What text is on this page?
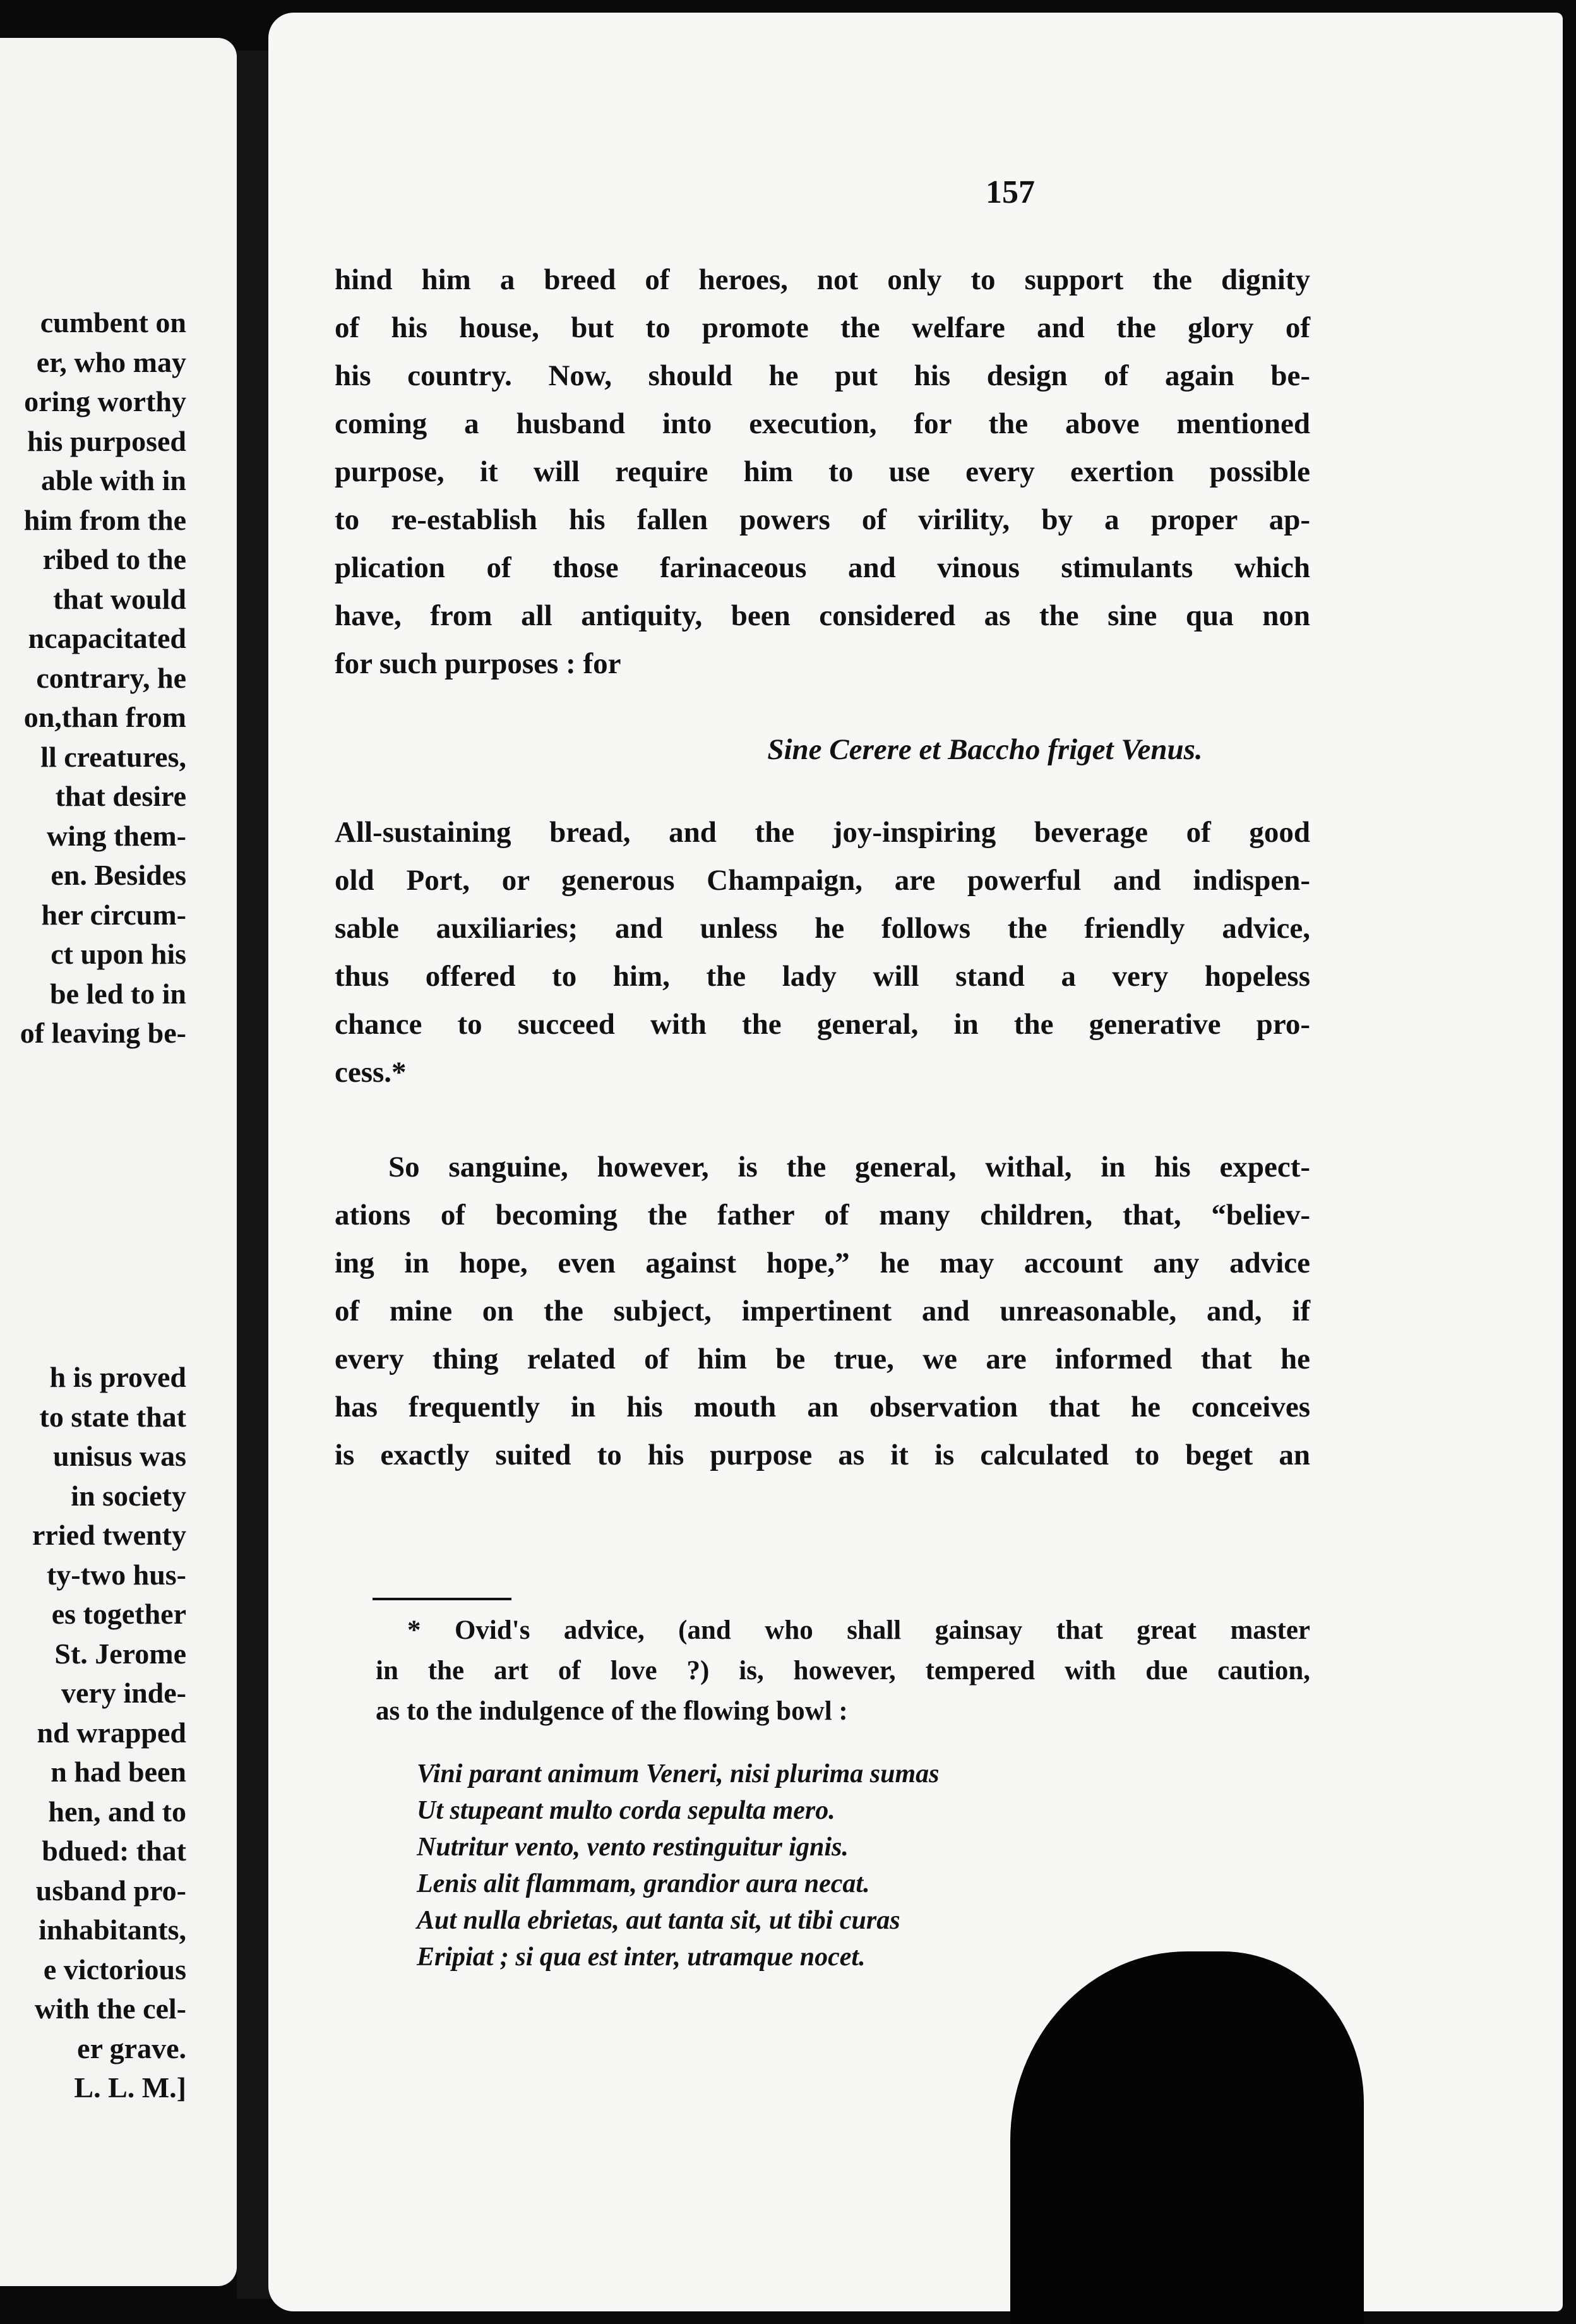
cumbent on
er, who may
oring worthy
his purposed
able with in
him from the
ribed to the
that would
ncapacitated
contrary, he
on,than from
ll creatures,
that desire
wing them-
en. Besides
her circum-
ct upon his
be led to in
of leaving be-
h is proved
to state that
unisus was
in society
rried twenty
ty-two hus-
es together
St. Jerome
very inde-
nd wrapped
n had been
hen, and to
bdued: that
usband pro-
inhabitants,
e victorious
with the cel-
er grave.
L. L. M.]
157
hind him a breed of heroes, not only to support the dignity
of his house, but to promote the welfare and the glory of
his country. Now, should he put his design of again be-
coming a husband into execution, for the above mentioned
purpose, it will require him to use every exertion possible
to re-establish his fallen powers of virility, by a proper ap-
plication of those farinaceous and vinous stimulants which
have, from all antiquity, been considered as the sine qua non
for such purposes : for
Sine Cerere et Baccho friget Venus.
All-sustaining bread, and the joy-inspiring beverage of good
old Port, or generous Champaign, are powerful and indispen-
sable auxiliaries; and unless he follows the friendly advice,
thus offered to him, the lady will stand a very hopeless
chance to succeed with the general, in the generative pro-
cess.*
So sanguine, however, is the general, withal, in his expect-
ations of becoming the father of many children, that, “believ-
ing in hope, even against hope,” he may account any advice
of mine on the subject, impertinent and unreasonable, and, if
every thing related of him be true, we are informed that he
has frequently in his mouth an observation that he conceives
is exactly suited to his purpose as it is calculated to beget an
* Ovid's advice, (and who shall gainsay that great master
in the art of love ?) is, however, tempered with due caution,
as to the indulgence of the flowing bowl :
Vini parant animum Veneri, nisi plurima sumas
Ut stupeant multo corda sepulta mero.
Nutritur vento, vento restinguitur ignis.
Lenis alit flammam, grandior aura necat.
Aut nulla ebrietas, aut tanta sit, ut tibi curas
Eripiat ; si qua est inter, utramque nocet.
